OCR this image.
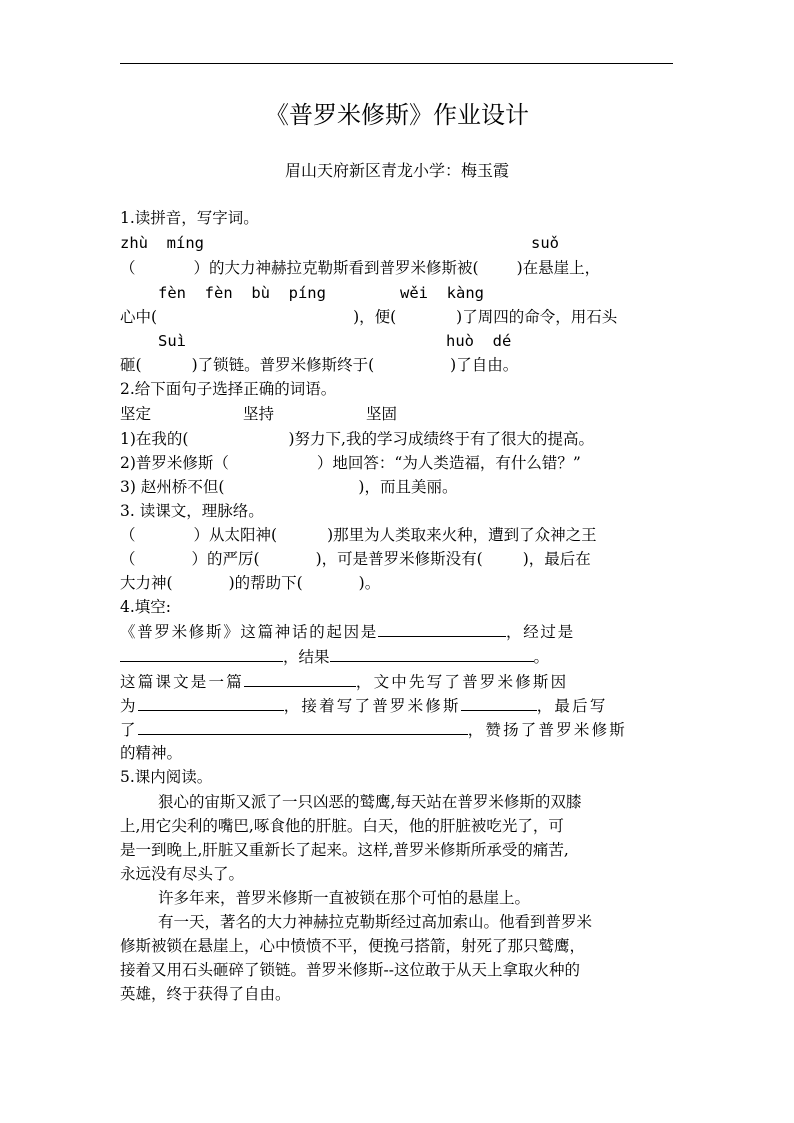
《普罗米修斯》作业设计
眉山天府新区青龙小学：梅玉霞
1.读拼音，写字词。
zhù  míng	suǒ
（	）的大力神赫拉克勒斯看到普罗米修斯被( )在悬崖上，
fèn  fèn  bù  píng	wěi  kàng
心中(	)，便(	)了周四的命令，用石头
Suì	huò  dé
砸(	)了锁链。普罗米修斯终于(	)了自由。
2.给下面句子选择正确的词语。
坚定	坚持	坚固
1)在我的(	)努力下,我的学习成绩终于有了很大的提高。
2)普罗米修斯（	）地回答：“为人类造福，有什么错？”
3) 赵州桥不但(	)，而且美丽。
3. 读课文，理脉络。
（	）从太阳神(	)那里为人类取来火种，遭到了众神之王
（	）的严厉(	)，可是普罗米修斯没有(	)，最后在
大力神(	)的帮助下(	)。
4.填空:
《普罗米修斯》这篇神话的起因是	，经过是
，结果	。
这篇课文是一篇	，文中先写了普罗米修斯因
为	，接着写了普罗米修斯	，最后写
了	，赞扬了普罗米修斯
的精神。
5.课内阅读。
狠心的宙斯又派了一只凶恶的鹫鹰,每天站在普罗米修斯的双膝
上,用它尖利的嘴巴,啄食他的肝脏。白天，他的肝脏被吃光了，可
是一到晚上,肝脏又重新长了起来。这样,普罗米修斯所承受的痛苦,
永远没有尽头了。
许多年来，普罗米修斯一直被锁在那个可怕的悬崖上。
有一天，著名的大力神赫拉克勒斯经过高加索山。他看到普罗米
修斯被锁在悬崖上，心中愤愤不平，便挽弓搭箭，射死了那只鹫鹰，
接着又用石头砸碎了锁链。普罗米修斯--这位敢于从天上拿取火种的
英雄，终于获得了自由。
